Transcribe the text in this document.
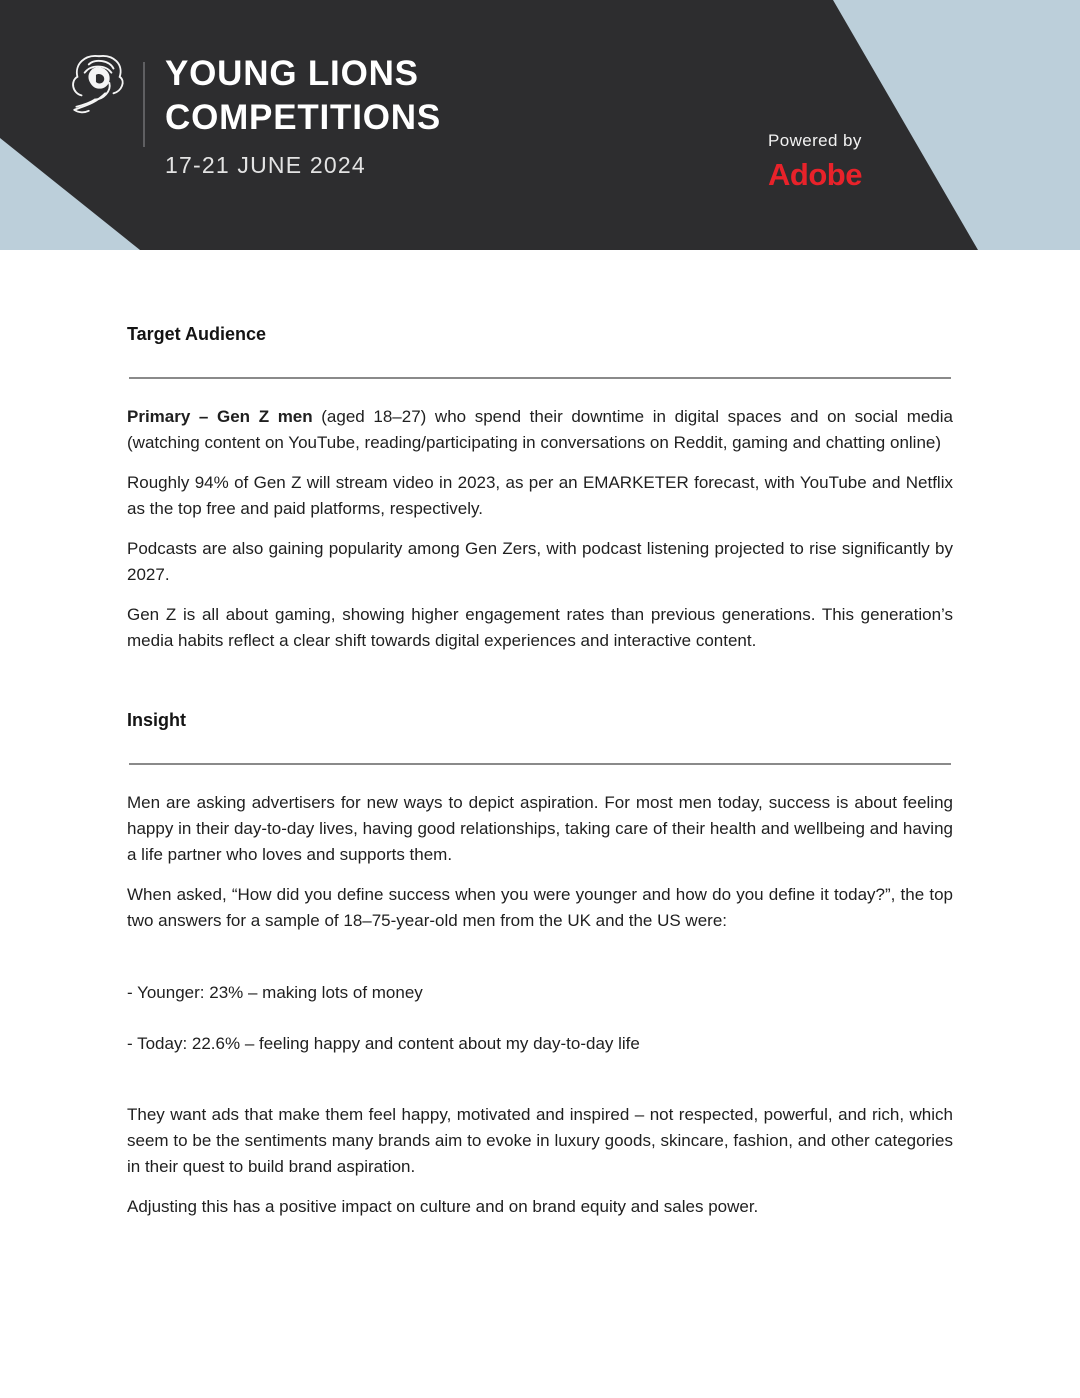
YOUNG LIONS
COMPETITIONS
17-21 JUNE 2024
Powered by
Adobe
Target Audience

Primary – Gen Z men (aged 18–27) who spend their downtime in digital spaces and on social media (watching content on YouTube, reading/participating in conversations on Reddit, gaming and chatting online)

Roughly 94% of Gen Z will stream video in 2023, as per an EMARKETER forecast, with YouTube and Netflix as the top free and paid platforms, respectively.

Podcasts are also gaining popularity among Gen Zers, with podcast listening projected to rise significantly by 2027.

Gen Z is all about gaming, showing higher engagement rates than previous generations. This generation’s media habits reflect a clear shift towards digital experiences and interactive content.

Insight

Men are asking advertisers for new ways to depict aspiration. For most men today, success is about feeling happy in their day-to-day lives, having good relationships, taking care of their health and wellbeing and having a life partner who loves and supports them.

When asked, “How did you define success when you were younger and how do you define it today?”, the top two answers for a sample of 18–75-year-old men from the UK and the US were:

- Younger: 23% – making lots of money

- Today: 22.6% – feeling happy and content about my day-to-day life

They want ads that make them feel happy, motivated and inspired – not respected, powerful, and rich, which seem to be the sentiments many brands aim to evoke in luxury goods, skincare, fashion, and other categories in their quest to build brand aspiration.

Adjusting this has a positive impact on culture and on brand equity and sales power.
